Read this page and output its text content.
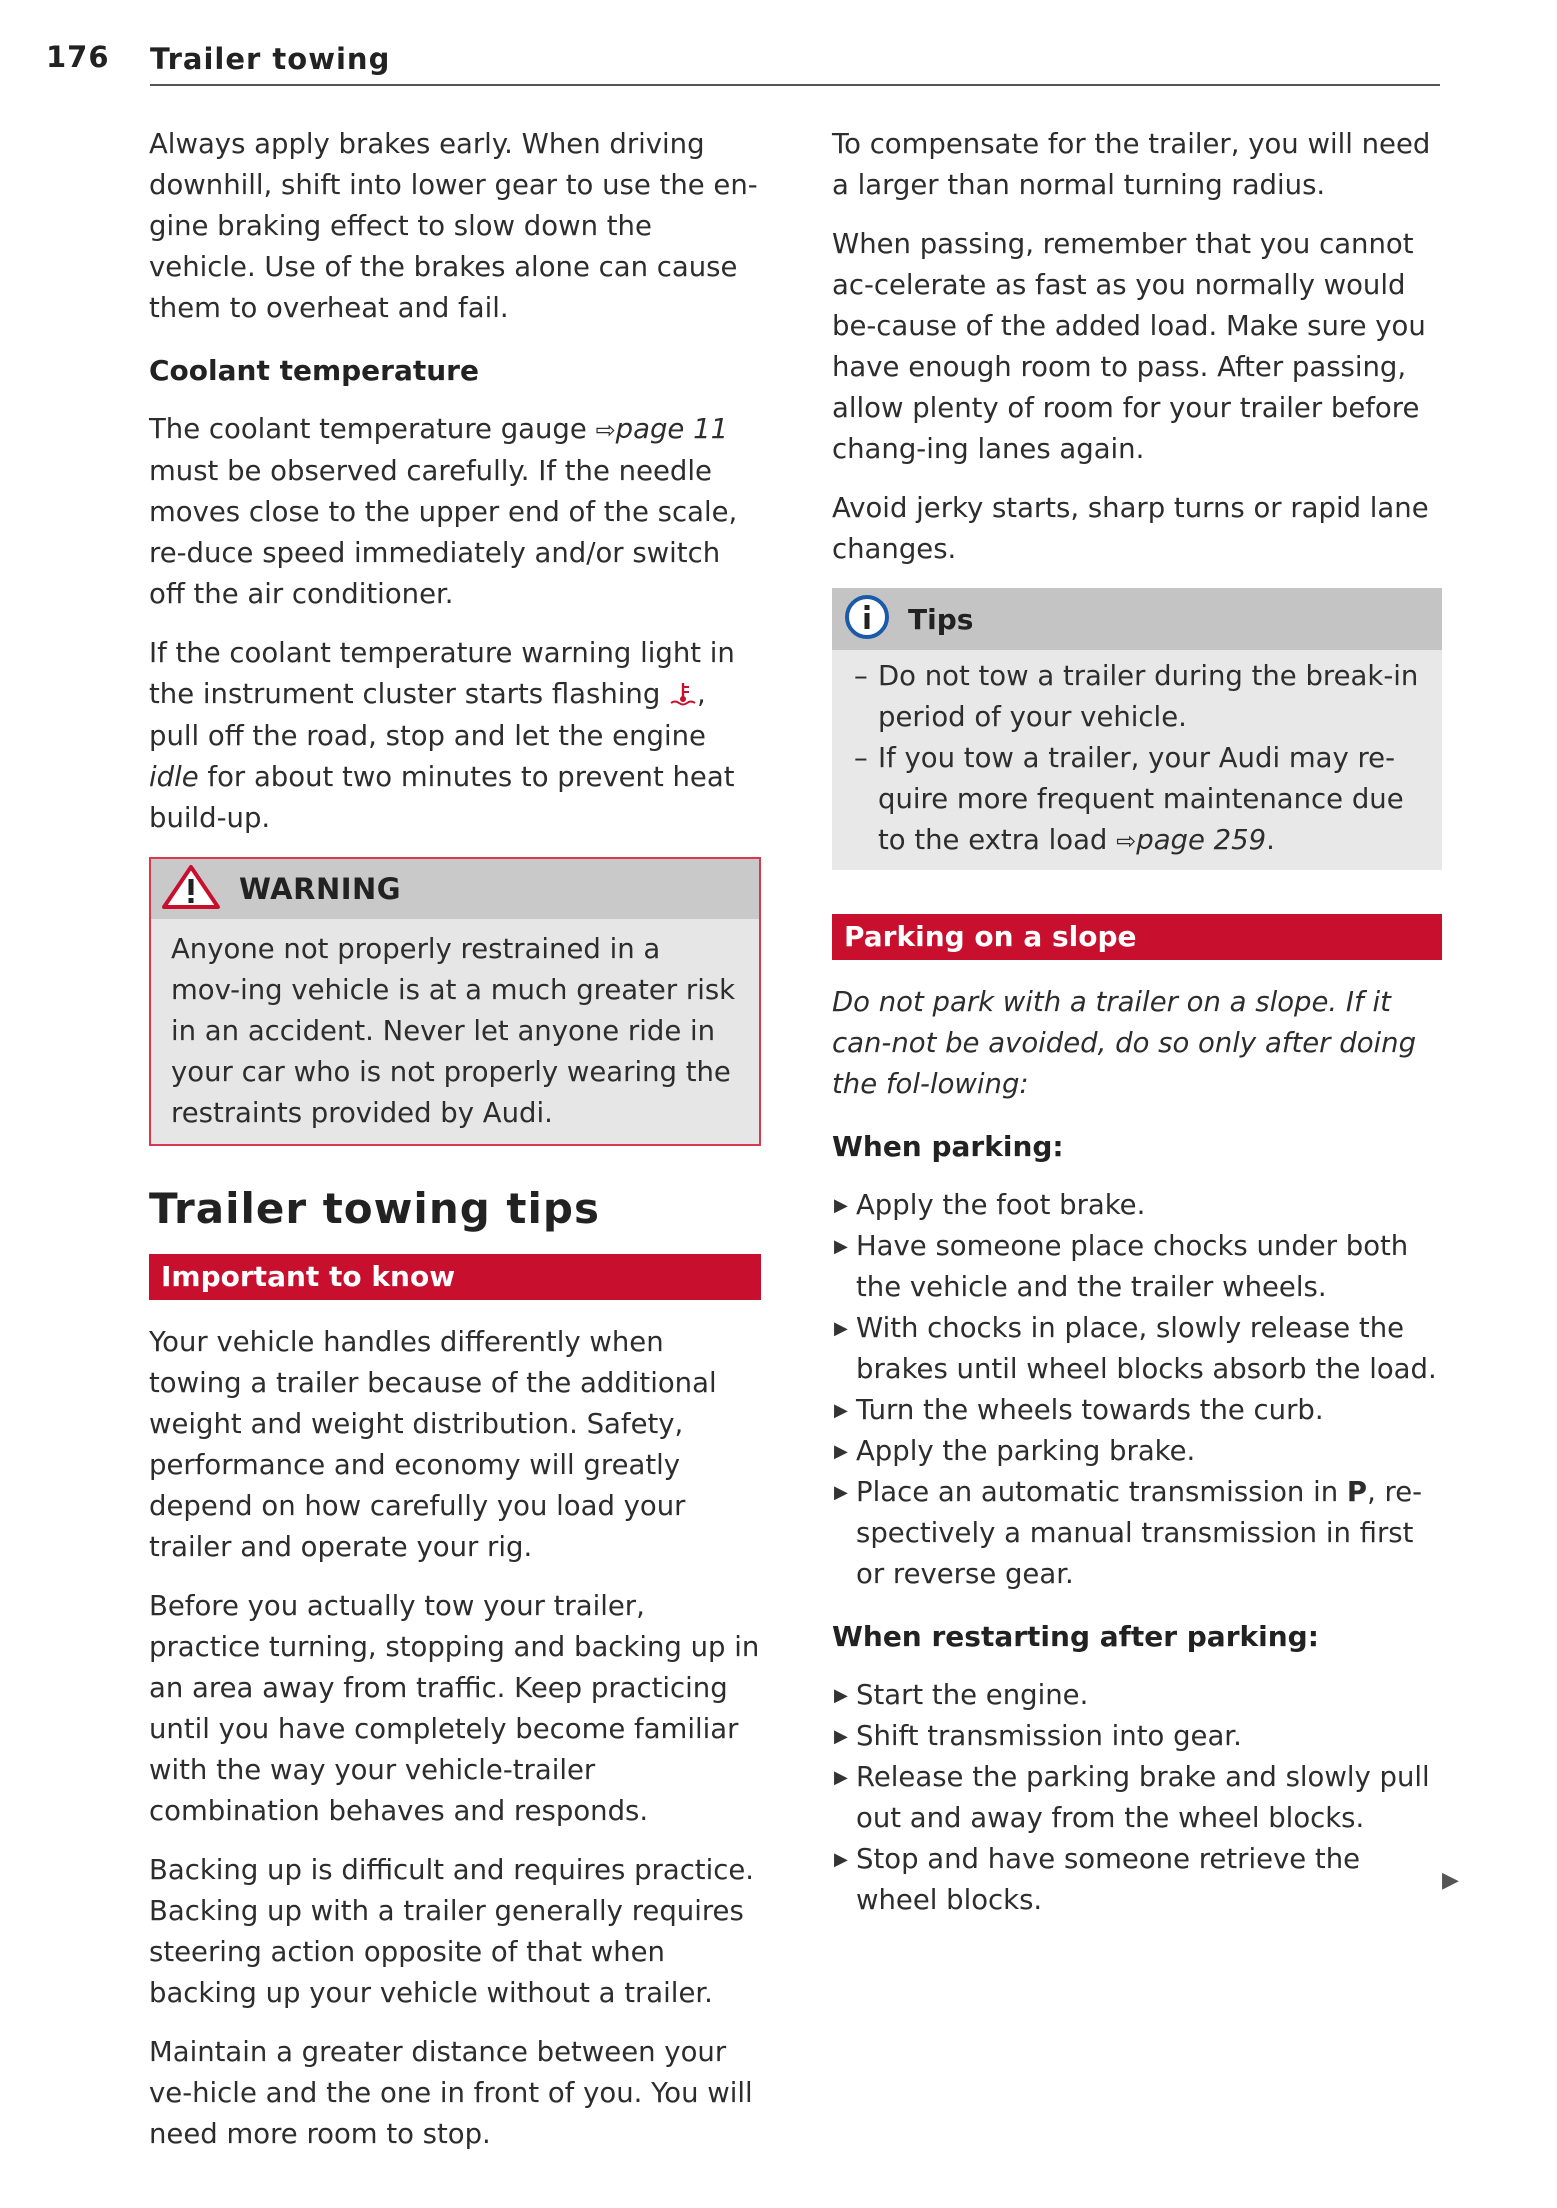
176 Trailer towing

Always apply brakes early. When driving downhill, shift into lower gear to use the en-gine braking effect to slow down the vehicle. Use of the brakes alone can cause them to overheat and fail.

Coolant temperature

The coolant temperature gauge ⇨page 11 must be observed carefully. If the needle moves close to the upper end of the scale, re-duce speed immediately and/or switch off the air conditioner.

If the coolant temperature warning light in the instrument cluster starts flashing , pull off the road, stop and let the engine idle for about two minutes to prevent heat build-up.

WARNING

Anyone not properly restrained in a mov-ing vehicle is at a much greater risk in an accident. Never let anyone ride in your car who is not properly wearing the restraints provided by Audi.

Trailer towing tips
Important to know

Your vehicle handles differently when towing a trailer because of the additional weight and weight distribution. Safety, performance and economy will greatly depend on how carefully you load your trailer and operate your rig.

Before you actually tow your trailer, practice turning, stopping and backing up in an area away from traffic. Keep practicing until you have completely become familiar with the way your vehicle-trailer combination behaves and responds.

Backing up is difficult and requires practice. Backing up with a trailer generally requires steering action opposite of that when backing up your vehicle without a trailer.

Maintain a greater distance between your ve-hicle and the one in front of you. You will need more room to stop.

To compensate for the trailer, you will need a larger than normal turning radius.

When passing, remember that you cannot ac-celerate as fast as you normally would be-cause of the added load. Make sure you have enough room to pass. After passing, allow plenty of room for your trailer before chang-ing lanes again.

Avoid jerky starts, sharp turns or rapid lane changes.

Tips
– Do not tow a trailer during the break-in period of your vehicle.
– If you tow a trailer, your Audi may re-quire more frequent maintenance due to the extra load ⇨page 259.
Parking on a slope

Do not park with a trailer on a slope. If it can-not be avoided, do so only after doing the fol-lowing:

When parking:
▶ Apply the foot brake.
▶ Have someone place chocks under both the vehicle and the trailer wheels.
▶ With chocks in place, slowly release the brakes until wheel blocks absorb the load.
▶ Turn the wheels towards the curb.
▶ Apply the parking brake.
▶ Place an automatic transmission in P, re-spectively a manual transmission in first or reverse gear.
When restarting after parking:
▶ Start the engine.
▶ Shift transmission into gear.
▶ Release the parking brake and slowly pull out and away from the wheel blocks.
▶ Stop and have someone retrieve the wheel blocks.
▶
